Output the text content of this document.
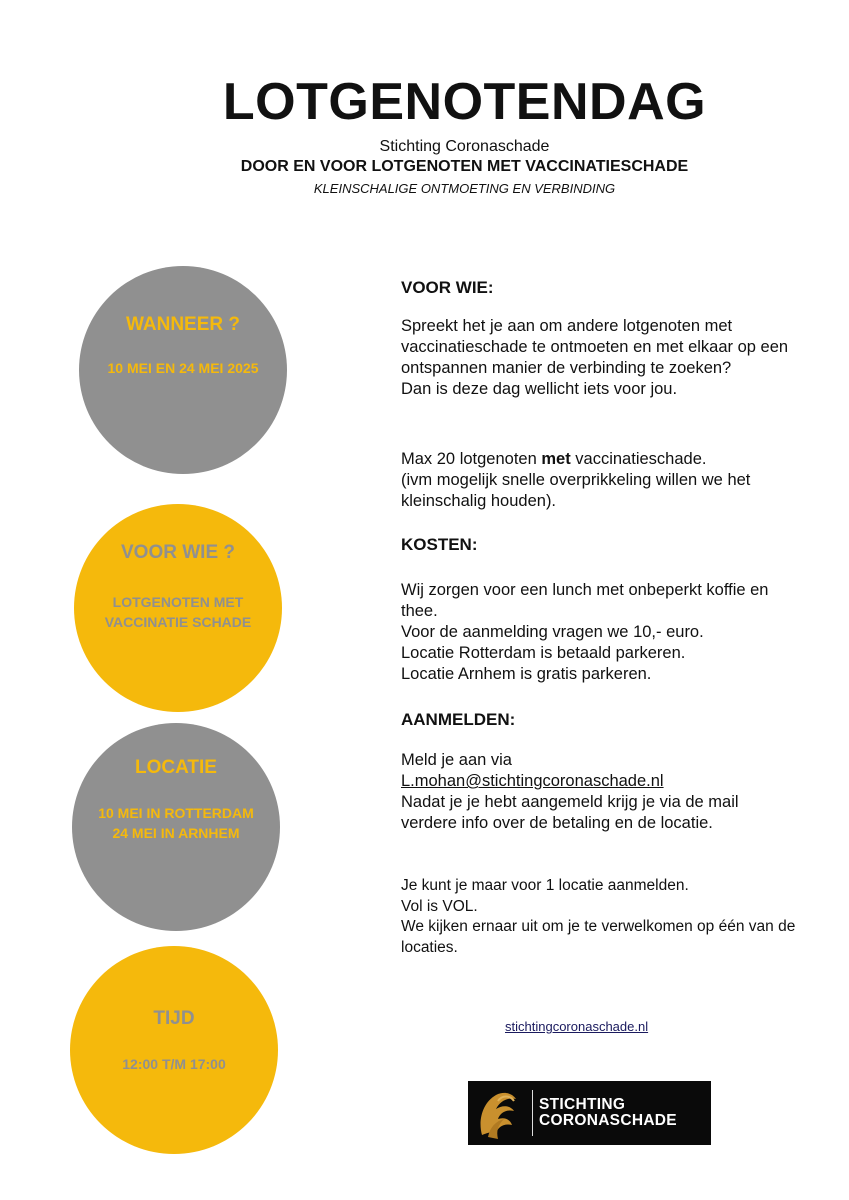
LOTGENOTENDAG
Stichting Coronaschade
DOOR EN VOOR LOTGENOTEN MET VACCINATIESCHADE
KLEINSCHALIGE ONTMOETING EN VERBINDING
WANNEER ?
10 MEI EN 24 MEI 2025
VOOR WIE ?
LOTGENOTEN MET VACCINATIE SCHADE
LOCATIE
10 MEI IN ROTTERDAM
24 MEI IN ARNHEM
TIJD
12:00 T/M 17:00
VOOR WIE:
Spreekt het je aan om andere lotgenoten met vaccinatieschade te ontmoeten en met elkaar op een ontspannen manier de verbinding te zoeken?
Dan is deze dag wellicht iets voor jou.
Max 20 lotgenoten met vaccinatieschade.
(ivm mogelijk snelle overprikkeling willen we het kleinschalig houden).
KOSTEN:
Wij zorgen voor een lunch met onbeperkt koffie en thee.
Voor de aanmelding vragen we 10,- euro.
Locatie Rotterdam is betaald parkeren.
Locatie Arnhem is gratis parkeren.
AANMELDEN:
Meld je aan via
L.mohan@stichtingcoronaschade.nl
Nadat je je hebt aangemeld krijg je via de mail verdere info over de betaling en de locatie.
Je kunt je maar voor 1 locatie aanmelden.
Vol is VOL.
We kijken ernaar uit om je te verwelkomen op één van de locaties.
stichtingcoronaschade.nl
STICHTING
CORONASCHADE
